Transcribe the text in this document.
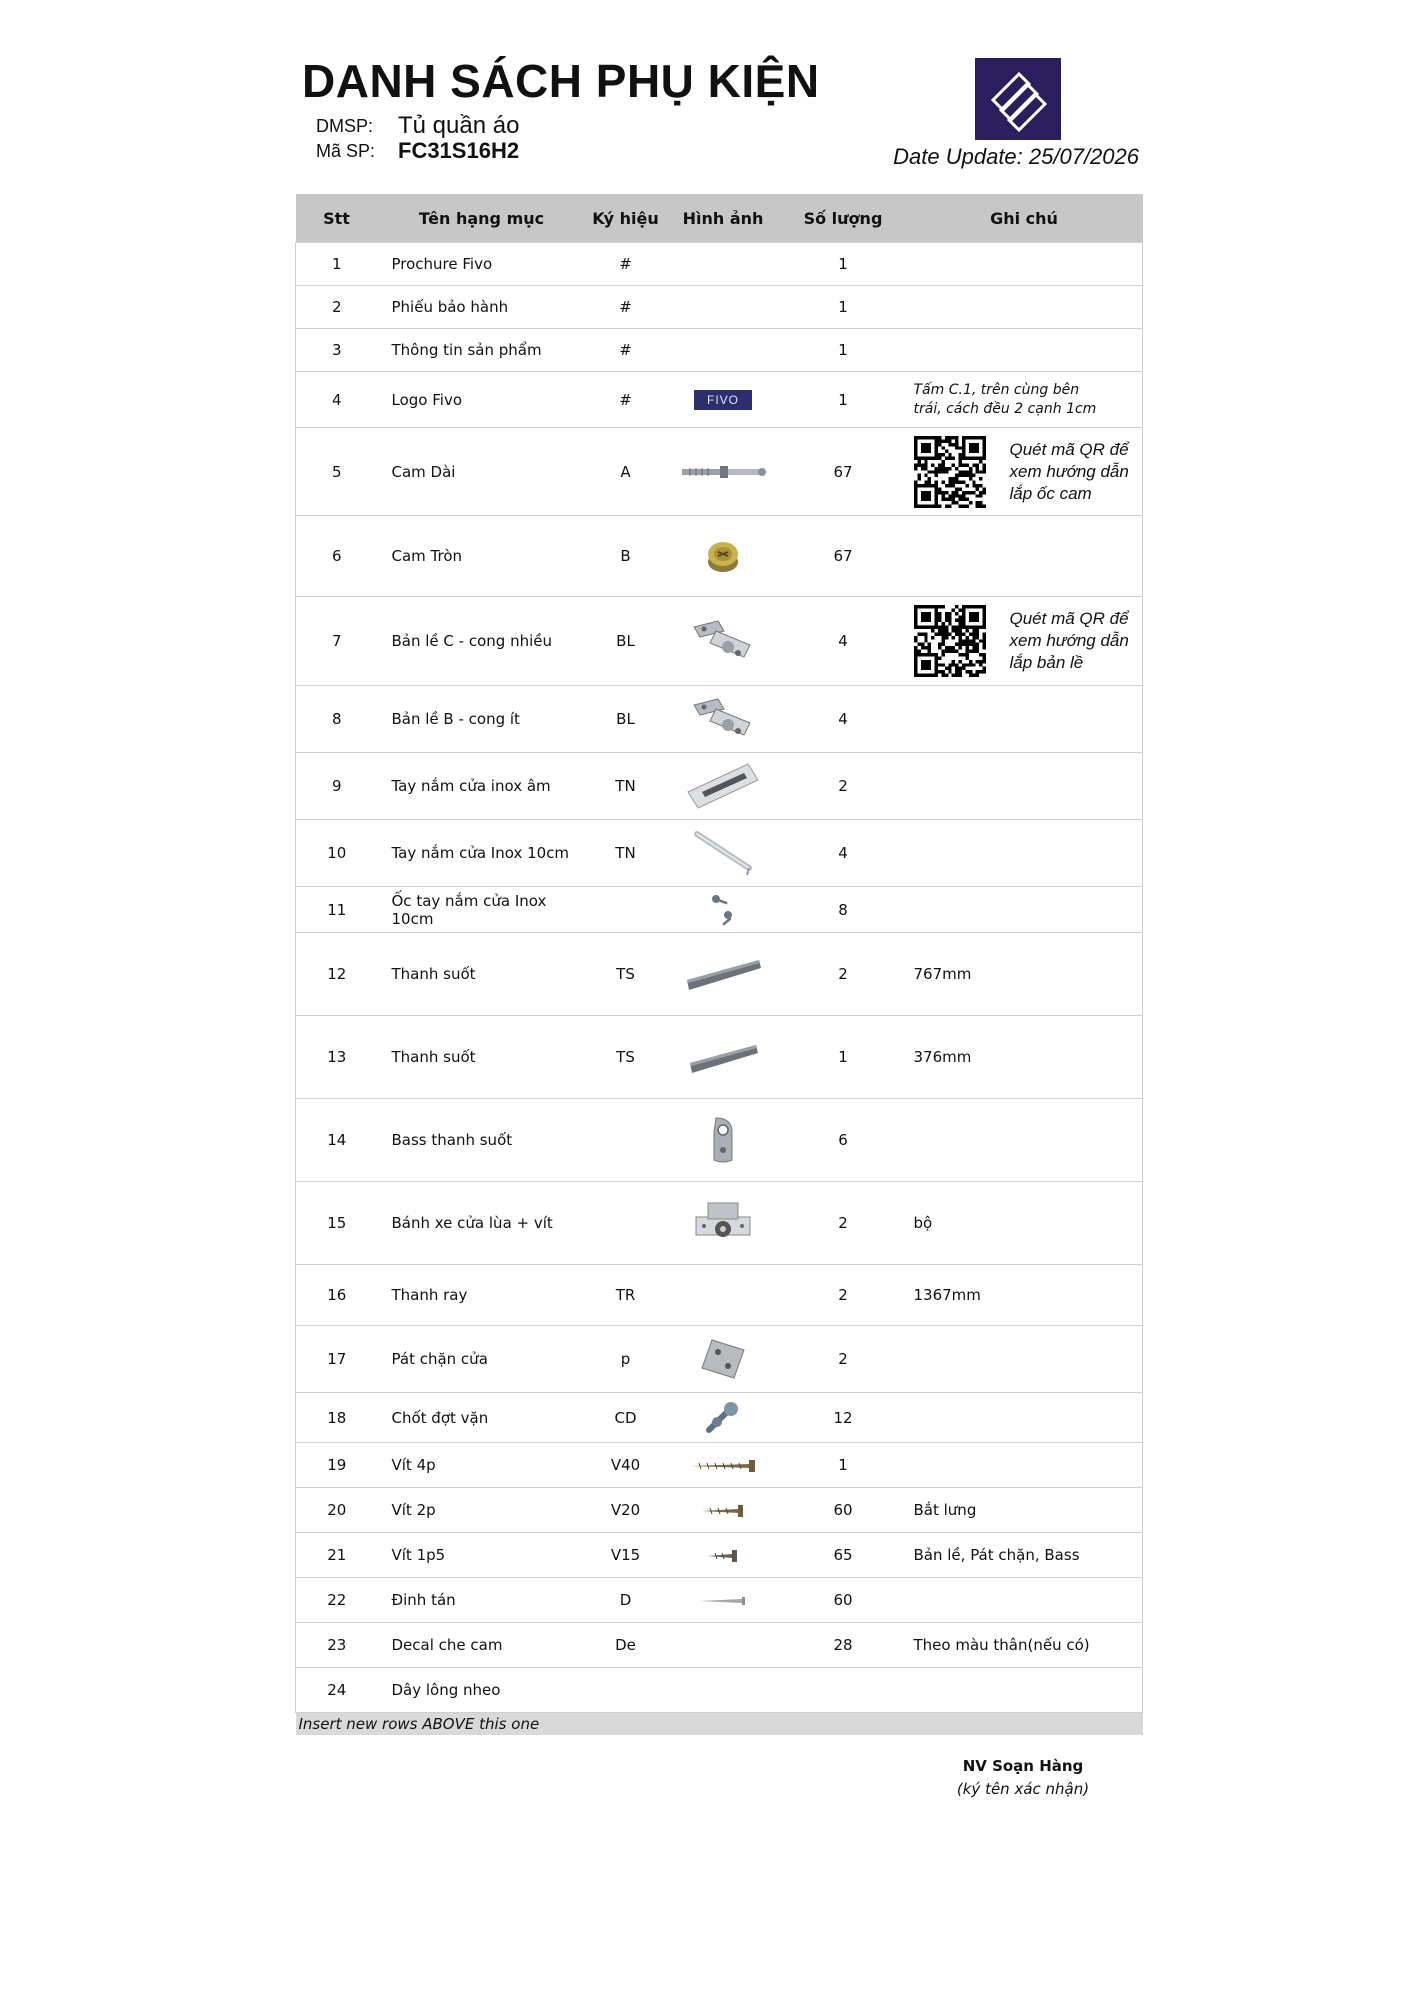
DANH SÁCH PHỤ KIỆN
DMSP: Tủ quần áo
Mã SP: FC31S16H2	Date Update: 25/07/2026
Stt	Tên hạng mục	Ký hiệu	Hình ảnh	Số lượng	Ghi chú
1	Prochure Fivo	#		1	
2	Phiếu bảo hành	#		1	
3	Thông tin sản phẩm	#		1	
4	Logo Fivo	#	FIVO	1	Tấm C.1, trên cùng bên
trái, cách đều 2 cạnh 1cm

5	Cam Dài	A		67	Quét mã QR để xem hướng dẫn lắp ốc cam

6	Cam Tròn	B		67	
7	Bản lề C - cong nhiều	BL		4	Quét mã QR để xem hướng dẫn lắp bản lề

8	Bản lề B - cong ít	BL		4	
9	Tay nắm cửa inox âm	TN		2	
10	Tay nắm cửa Inox 10cm	TN		4	
11	Ốc tay nắm cửa Inox 10cm			8	
12	Thanh suốt	TS		2	767mm
13	Thanh suốt	TS		1	376mm
14	Bass thanh suốt			6	
15	Bánh xe cửa lùa + vít			2	bộ
16	Thanh ray	TR		2	1367mm
17	Pát chặn cửa	p		2	
18	Chốt đợt vặn	CD		12	
19	Vít 4p	V40		1	
20	Vít 2p	V20		60	Bắt lưng
21	Vít 1p5	V15		65	Bản lề, Pát chặn, Bass
22	Đinh tán	D		60	
23	Decal che cam	De		28	Theo màu thân(nếu có)
24	Dây lông nheo				
Insert new rows ABOVE this one					
NV Soạn Hàng
(ký tên xác nhận)
